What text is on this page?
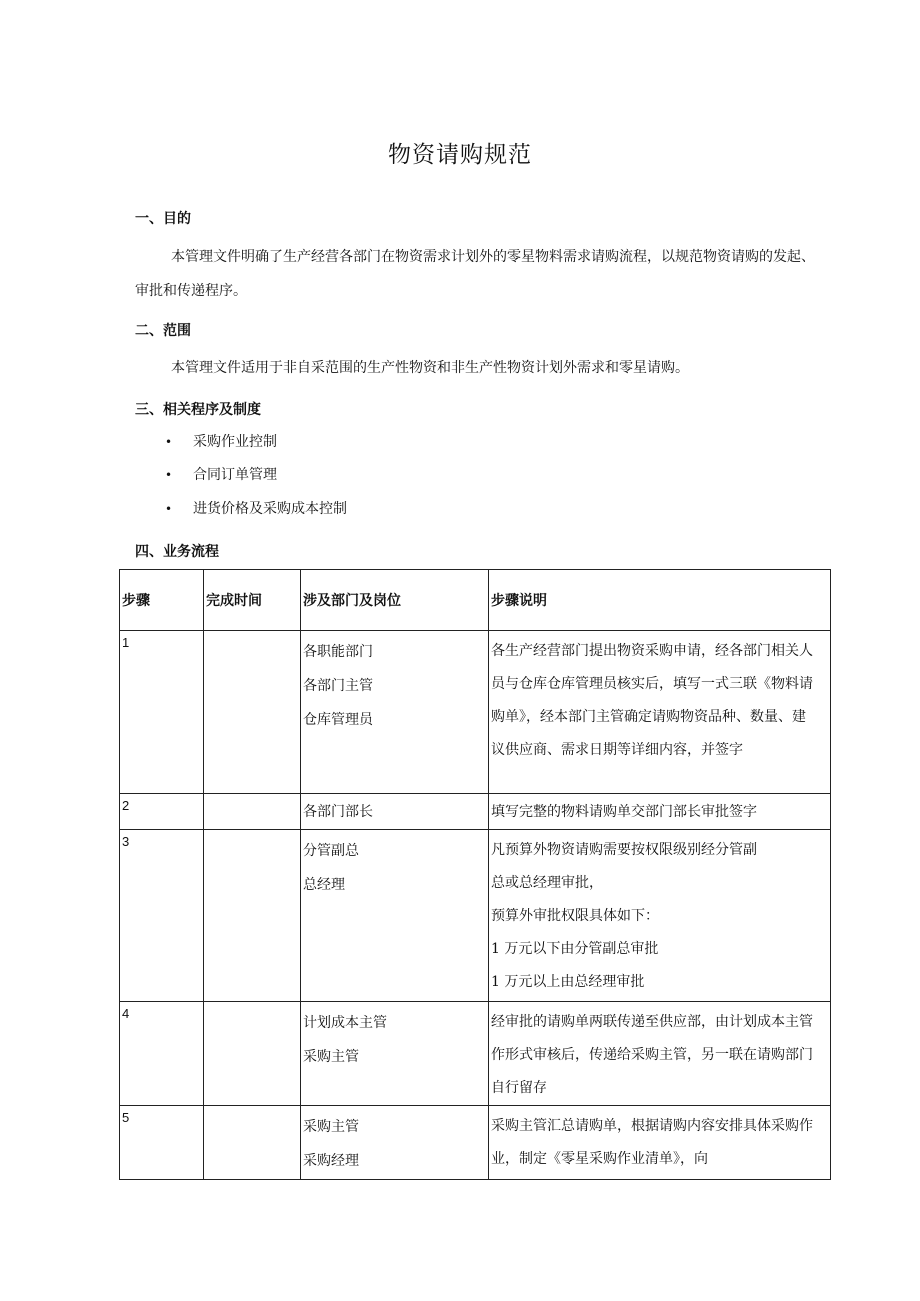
物资请购规范
一、目的
本管理文件明确了生产经营各部门在物资需求计划外的零星物料需求请购流程，以规范物资请购的发起、审批和传递程序。
二、范围
本管理文件适用于非自采范围的生产性物资和非生产性物资计划外需求和零星请购。
三、相关程序及制度
• 采购作业控制
• 合同订单管理
• 进货价格及采购成本控制
四、业务流程
步骤	完成时间	涉及部门及岗位	步骤说明
1		各职能部门
各部门主管
仓库管理员	各生产经营部门提出物资采购申请，经各部门相关人
员与仓库仓库管理员核实后，填写一式三联《物料请
购单》，经本部门主管确定请购物资品种、数量、建
议供应商、需求日期等详细内容，并签字

2		各部门部长	填写完整的物料请购单交部门部长审批签字

3		分管副总
总经理	凡预算外物资请购需要按权限级别经分管副
总或总经理审批，
预算外审批权限具体如下：
1 万元以下由分管副总审批
1 万元以上由总经理审批

4		计划成本主管
采购主管	经审批的请购单两联传递至供应部，由计划成本主管
作形式审核后，传递给采购主管，另一联在请购部门
自行留存

5		采购主管
采购经理	采购主管汇总请购单，根据请购内容安排具体采购作
业，制定《零星采购作业清单》，向
